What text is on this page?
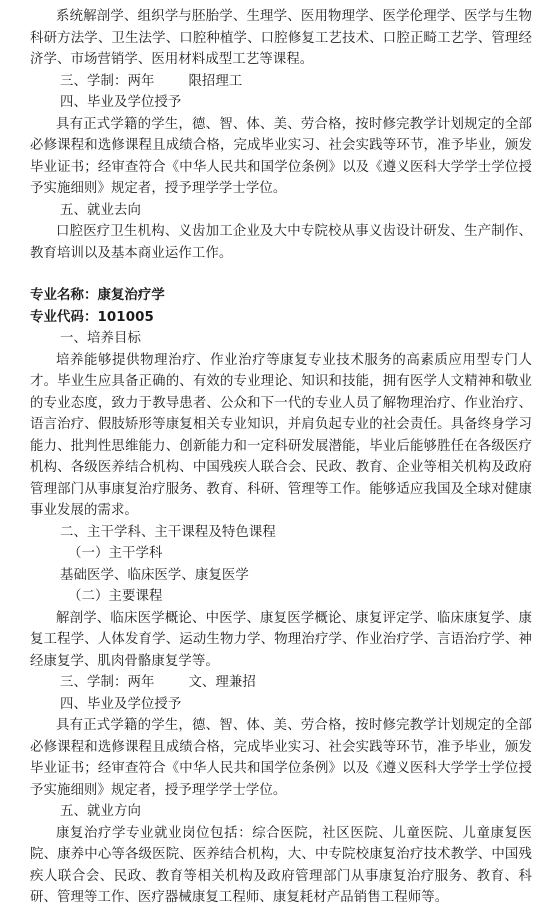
系统解剖学、组织学与胚胎学、生理学、医用物理学、医学伦理学、医学与生物科研方法学、卫生法学、口腔种植学、口腔修复工艺技术、口腔正畸工艺学、管理经济学、市场营销学、医用材料成型工艺等课程。

三、学制：两年	限招理工

四、毕业及学位授予

具有正式学籍的学生，德、智、体、美、劳合格，按时修完教学计划规定的全部必修课程和选修课程且成绩合格，完成毕业实习、社会实践等环节，准予毕业，颁发毕业证书；经审查符合《中华人民共和国学位条例》以及《遵义医科大学学士学位授予实施细则》规定者，授予理学学士学位。

五、就业去向

口腔医疗卫生机构、义齿加工企业及大中专院校从事义齿设计研发、生产制作、教育培训以及基本商业运作工作。

专业名称：康复治疗学

专业代码：101005

一、培养目标

培养能够提供物理治疗、作业治疗等康复专业技术服务的高素质应用型专门人才。毕业生应具备正确的、有效的专业理论、知识和技能，拥有医学人文精神和敬业的专业态度，致力于教导患者、公众和下一代的专业人员了解物理治疗、作业治疗、语言治疗、假肢矫形等康复相关专业知识，并肩负起专业的社会责任。具备终身学习能力、批判性思维能力、创新能力和一定科研发展潜能，毕业后能够胜任在各级医疗机构、各级医养结合机构、中国残疾人联合会、民政、教育、企业等相关机构及政府管理部门从事康复治疗服务、教育、科研、管理等工作。能够适应我国及全球对健康事业发展的需求。

二、主干学科、主干课程及特色课程

（一）主干学科

基础医学、临床医学、康复医学

（二）主要课程

解剖学、临床医学概论、中医学、康复医学概论、康复评定学、临床康复学、康复工程学、人体发育学、运动生物力学、物理治疗学、作业治疗学、言语治疗学、神经康复学、肌肉骨骼康复学等。

三、学制：两年	文、理兼招

四、毕业及学位授予

具有正式学籍的学生，德、智、体、美、劳合格，按时修完教学计划规定的全部必修课程和选修课程且成绩合格，完成毕业实习、社会实践等环节，准予毕业，颁发毕业证书；经审查符合《中华人民共和国学位条例》以及《遵义医科大学学士学位授予实施细则》规定者，授予理学学士学位。

五、就业方向

康复治疗学专业就业岗位包括：综合医院，社区医院、儿童医院、儿童康复医院、康养中心等各级医院、医养结合机构，大、中专院校康复治疗技术教学、中国残疾人联合会、民政、教育等相关机构及政府管理部门从事康复治疗服务、教育、科研、管理等工作、医疗器械康复工程师、康复耗材产品销售工程师等。
